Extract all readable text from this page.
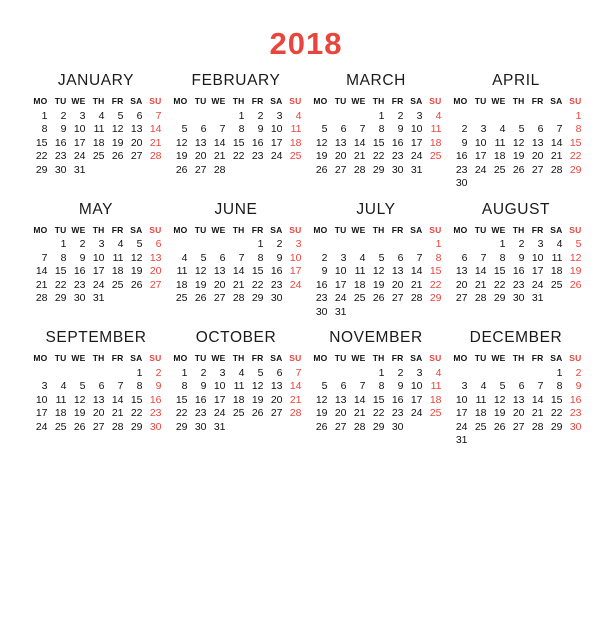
2018
JANUARY
MO	TU	WE	TH	FR	SA	SU
1	2	3	4	5	6	7
8	9	10	11	12	13	14
15	16	17	18	19	20	21
22	23	24	25	26	27	28
29	30	31				
FEBRUARY
MO	TU	WE	TH	FR	SA	SU
			1	2	3	4
5	6	7	8	9	10	11
12	13	14	15	16	17	18
19	20	21	22	23	24	25
26	27	28				
MARCH
MO	TU	WE	TH	FR	SA	SU
			1	2	3	4
5	6	7	8	9	10	11
12	13	14	15	16	17	18
19	20	21	22	23	24	25
26	27	28	29	30	31	
APRIL
MO	TU	WE	TH	FR	SA	SU
						1
2	3	4	5	6	7	8
9	10	11	12	13	14	15
16	17	18	19	20	21	22
23	24	25	26	27	28	29
30						
MAY
MO	TU	WE	TH	FR	SA	SU
	1	2	3	4	5	6
7	8	9	10	11	12	13
14	15	16	17	18	19	20
21	22	23	24	25	26	27
28	29	30	31			
JUNE
MO	TU	WE	TH	FR	SA	SU
				1	2	3
4	5	6	7	8	9	10
11	12	13	14	15	16	17
18	19	20	21	22	23	24
25	26	27	28	29	30	
JULY
MO	TU	WE	TH	FR	SA	SU
						1
2	3	4	5	6	7	8
9	10	11	12	13	14	15
16	17	18	19	20	21	22
23	24	25	26	27	28	29
30	31					
AUGUST
MO	TU	WE	TH	FR	SA	SU
		1	2	3	4	5
6	7	8	9	10	11	12
13	14	15	16	17	18	19
20	21	22	23	24	25	26
27	28	29	30	31		
SEPTEMBER
MO	TU	WE	TH	FR	SA	SU
					1	2
3	4	5	6	7	8	9
10	11	12	13	14	15	16
17	18	19	20	21	22	23
24	25	26	27	28	29	30
OCTOBER
MO	TU	WE	TH	FR	SA	SU
1	2	3	4	5	6	7
8	9	10	11	12	13	14
15	16	17	18	19	20	21
22	23	24	25	26	27	28
29	30	31				
NOVEMBER
MO	TU	WE	TH	FR	SA	SU
			1	2	3	4
5	6	7	8	9	10	11
12	13	14	15	16	17	18
19	20	21	22	23	24	25
26	27	28	29	30		
DECEMBER
MO	TU	WE	TH	FR	SA	SU
					1	2
3	4	5	6	7	8	9
10	11	12	13	14	15	16
17	18	19	20	21	22	23
24	25	26	27	28	29	30
31						
